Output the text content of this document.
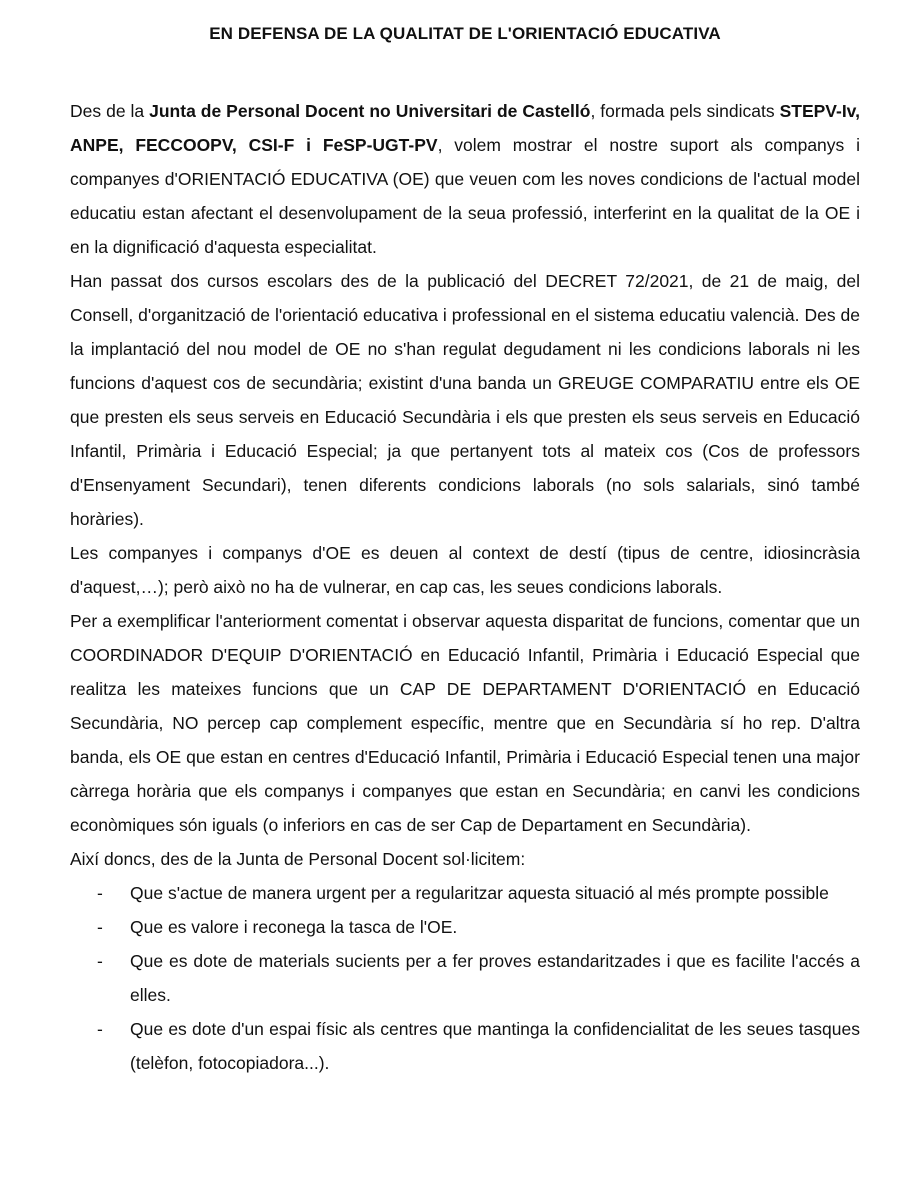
EN DEFENSA DE LA QUALITAT DE L'ORIENTACIÓ EDUCATIVA

Des de la Junta de Personal Docent no Universitari de Castelló, formada pels sindicats STEPV-Iv, ANPE, FECCOOPV, CSI-F i FeSP-UGT-PV, volem mostrar el nostre suport als companys i companyes d'ORIENTACIÓ EDUCATIVA (OE) que veuen com les noves condicions de l'actual model educatiu estan afectant el desenvolupament de la seua professió, interferint en la qualitat de la OE i en la dignificació d'aquesta especialitat.

Han passat dos cursos escolars des de la publicació del DECRET 72/2021, de 21 de maig, del Consell, d'organització de l'orientació educativa i professional en el sistema educatiu valencià. Des de la implantació del nou model de OE no s'han regulat degudament ni les condicions laborals ni les funcions d'aquest cos de secundària; existint d'una banda un GREUGE COMPARATIU entre els OE que presten els seus serveis en Educació Secundària i els que presten els seus serveis en Educació Infantil, Primària i Educació Especial; ja que pertanyent tots al mateix cos (Cos de professors d'Ensenyament Secundari), tenen diferents condicions laborals (no sols salarials, sinó també horàries).

Les companyes i companys d'OE es deuen al context de destí (tipus de centre, idiosincràsia d'aquest,…); però això no ha de vulnerar, en cap cas, les seues condicions laborals.

Per a exemplificar l'anteriorment comentat i observar aquesta disparitat de funcions, comentar que un COORDINADOR D'EQUIP D'ORIENTACIÓ en Educació Infantil, Primària i Educació Especial que realitza les mateixes funcions que un CAP DE DEPARTAMENT D'ORIENTACIÓ en Educació Secundària, NO percep cap complement específic, mentre que en Secundària sí ho rep. D'altra banda, els OE que estan en centres d'Educació Infantil, Primària i Educació Especial tenen una major càrrega horària que els companys i companyes que estan en Secundària; en canvi les condicions econòmiques són iguals (o inferiors en cas de ser Cap de Departament en Secundària).

Així doncs, des de la Junta de Personal Docent sol·licitem:

- Que s'actue de manera urgent per a regularitzar aquesta situació al més prompte possible
- Que es valore i reconega la tasca de l'OE.
- Que es dote de materials sucients per a fer proves estandaritzades i que es facilite l'accés a elles.
- Que es dote d'un espai físic als centres que mantinga la confidencialitat de les seues tasques (telèfon, fotocopiadora...).
